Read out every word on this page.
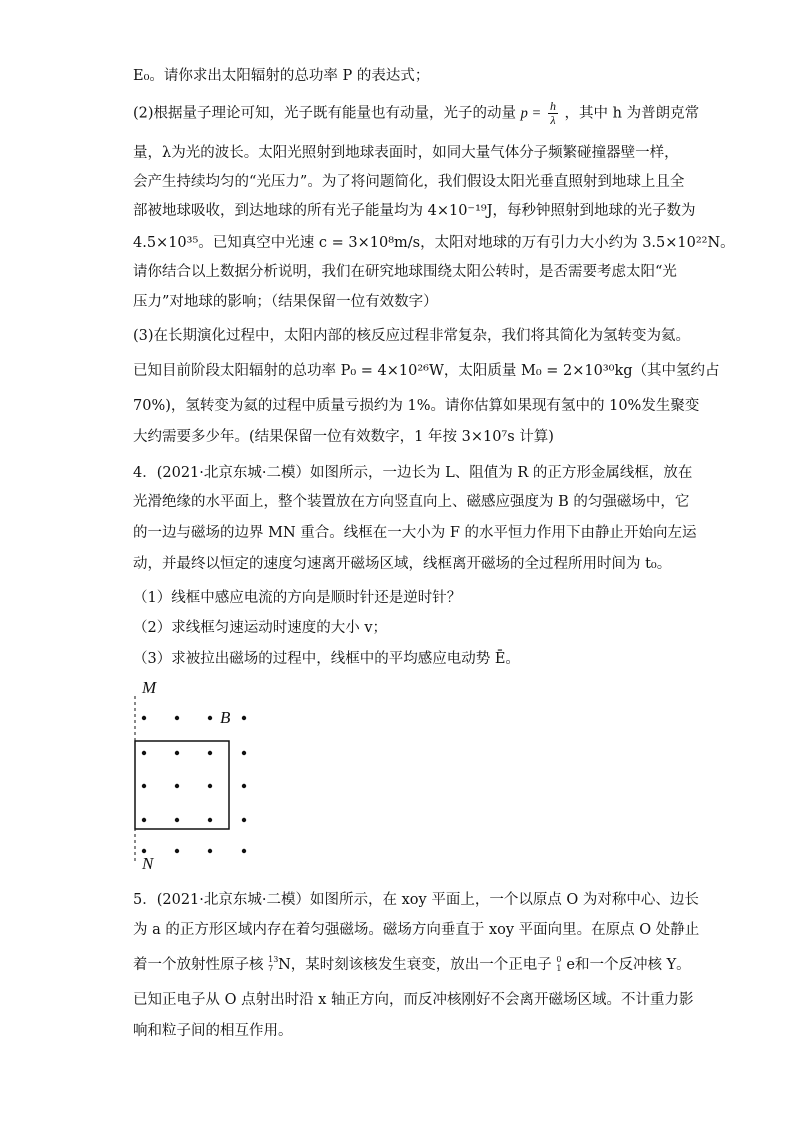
E₀。请你求出太阳辐射的总功率 P 的表达式；
(2)根据量子理论可知，光子既有能量也有动量，光子的动量 $p = \frac{h}{\lambda}$ ，其中 h 为普朗克常
量，λ为光的波长。太阳光照射到地球表面时，如同大量气体分子频繁碰撞器壁一样，
会产生持续均匀的“光压力”。为了将问题简化，我们假设太阳光垂直照射到地球上且全
部被地球吸收，到达地球的所有光子能量均为 4×10⁻¹⁹J，每秒钟照射到地球的光子数为
4.5×10³⁵。已知真空中光速 c = 3×10⁸m/s，太阳对地球的万有引力大小约为 3.5×10²²N。
请你结合以上数据分析说明，我们在研究地球围绕太阳公转时，是否需要考虑太阳“光
压力”对地球的影响；（结果保留一位有效数字）
(3)在长期演化过程中，太阳内部的核反应过程非常复杂，我们将其简化为氢转变为氦。
已知目前阶段太阳辐射的总功率 P₀ = 4×10²⁶W，太阳质量 M₀ = 2×10³⁰kg（其中氢约占
70%)，氢转变为氦的过程中质量亏损约为 1%。请你估算如果现有氢中的 10%发生聚变
大约需要多少年。(结果保留一位有效数字，1 年按 3×10⁷s 计算)
4．(2021·北京东城·二模）如图所示，一边长为 L、阻值为 R 的正方形金属线框，放在
光滑绝缘的水平面上，整个装置放在方向竖直向上、磁感应强度为 B 的匀强磁场中，它
的一边与磁场的边界 MN 重合。线框在一大小为 F 的水平恒力作用下由静止开始向左运
动，并最终以恒定的速度匀速离开磁场区域，线框离开磁场的全过程所用时间为 t₀。
（1）线框中感应电流的方向是顺时针还是逆时针？
（2）求线框匀速运动时速度的大小 v；
（3）求被拉出磁场的过程中，线框中的平均感应电动势 Ē。
M
B
N
5．(2021·北京东城·二模）如图所示，在 xoy 平面上，一个以原点 O 为对称中心、边长
为 a 的正方形区域内存在着匀强磁场。磁场方向垂直于 xoy 平面向里。在原点 O 处静止
着一个放射性原子核 13
7 N，某时刻该核发生衰变，放出一个正电子 0
1 e和一个反冲核 Y。
已知正电子从 O 点射出时沿 x 轴正方向，而反冲核刚好不会离开磁场区域。不计重力影
响和粒子间的相互作用。
